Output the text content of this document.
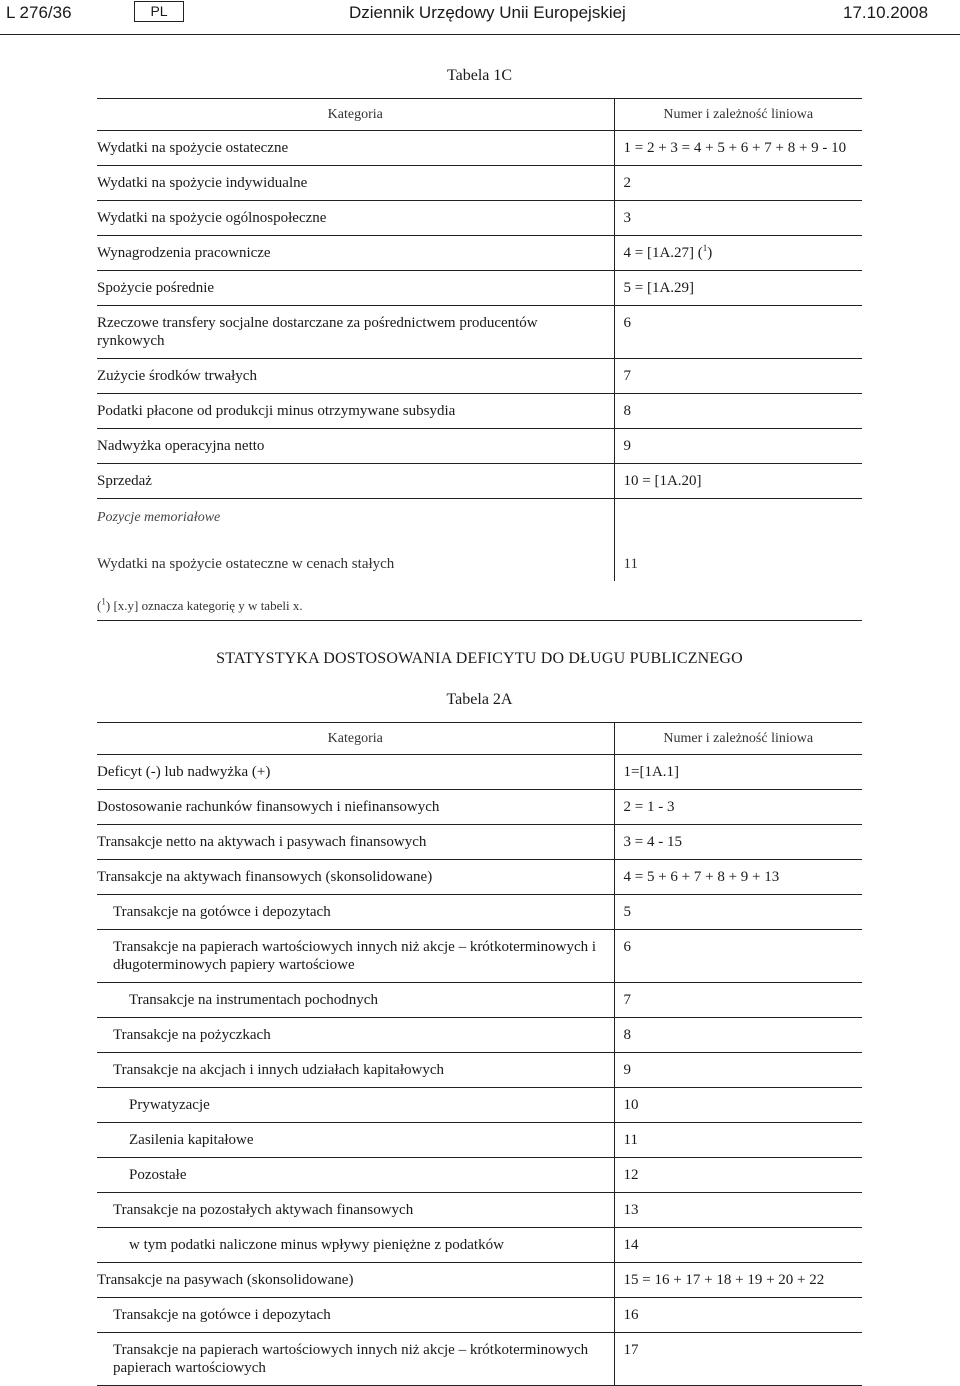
L 276/36	PL	Dziennik Urzędowy Unii Europejskiej	17.10.2008
Tabela 1C
Kategoria	Numer i zależność liniowa
Wydatki na spożycie ostateczne	1 = 2 + 3 = 4 + 5 + 6 + 7 + 8 + 9 - 10
Wydatki na spożycie indywidualne	2
Wydatki na spożycie ogólnospołeczne	3
Wynagrodzenia pracownicze	4 = [1A.27] ($^1$)
Spożycie pośrednie	5 = [1A.29]
Rzeczowe transfery socjalne dostarczane za pośrednictwem producentów rynkowych	6
Zużycie środków trwałych	7
Podatki płacone od produkcji minus otrzymywane subsydia	8
Nadwyżka operacyjna netto	9
Sprzedaż	10 = [1A.20]
Pozycje memoriałowe	
Wydatki na spożycie ostateczne w cenach stałych	11
($^1$) [x.y] oznacza kategorię y w tabeli x.
STATYSTYKA DOSTOSOWANIA DEFICYTU DO DŁUGU PUBLICZNEGO
Tabela 2A
Kategoria	Numer i zależność liniowa
Deficyt (-) lub nadwyżka (+)	1=[1A.1]
Dostosowanie rachunków finansowych i niefinansowych	2 = 1 - 3
Transakcje netto na aktywach i pasywach finansowych	3 = 4 - 15
Transakcje na aktywach finansowych (skonsolidowane)	4 = 5 + 6 + 7 + 8 + 9 + 13
Transakcje na gotówce i depozytach	5
Transakcje na papierach wartościowych innych niż akcje – krótkoterminowych i długoterminowych papiery wartościowe	6
Transakcje na instrumentach pochodnych	7
Transakcje na pożyczkach	8
Transakcje na akcjach i innych udziałach kapitałowych	9
Prywatyzacje	10
Zasilenia kapitałowe	11
Pozostałe	12
Transakcje na pozostałych aktywach finansowych	13
w tym podatki naliczone minus wpływy pieniężne z podatków	14
Transakcje na pasywach (skonsolidowane)	15 = 16 + 17 + 18 + 19 + 20 + 22
Transakcje na gotówce i depozytach	16
Transakcje na papierach wartościowych innych niż akcje – krótkoterminowych papierach wartościowych	17
